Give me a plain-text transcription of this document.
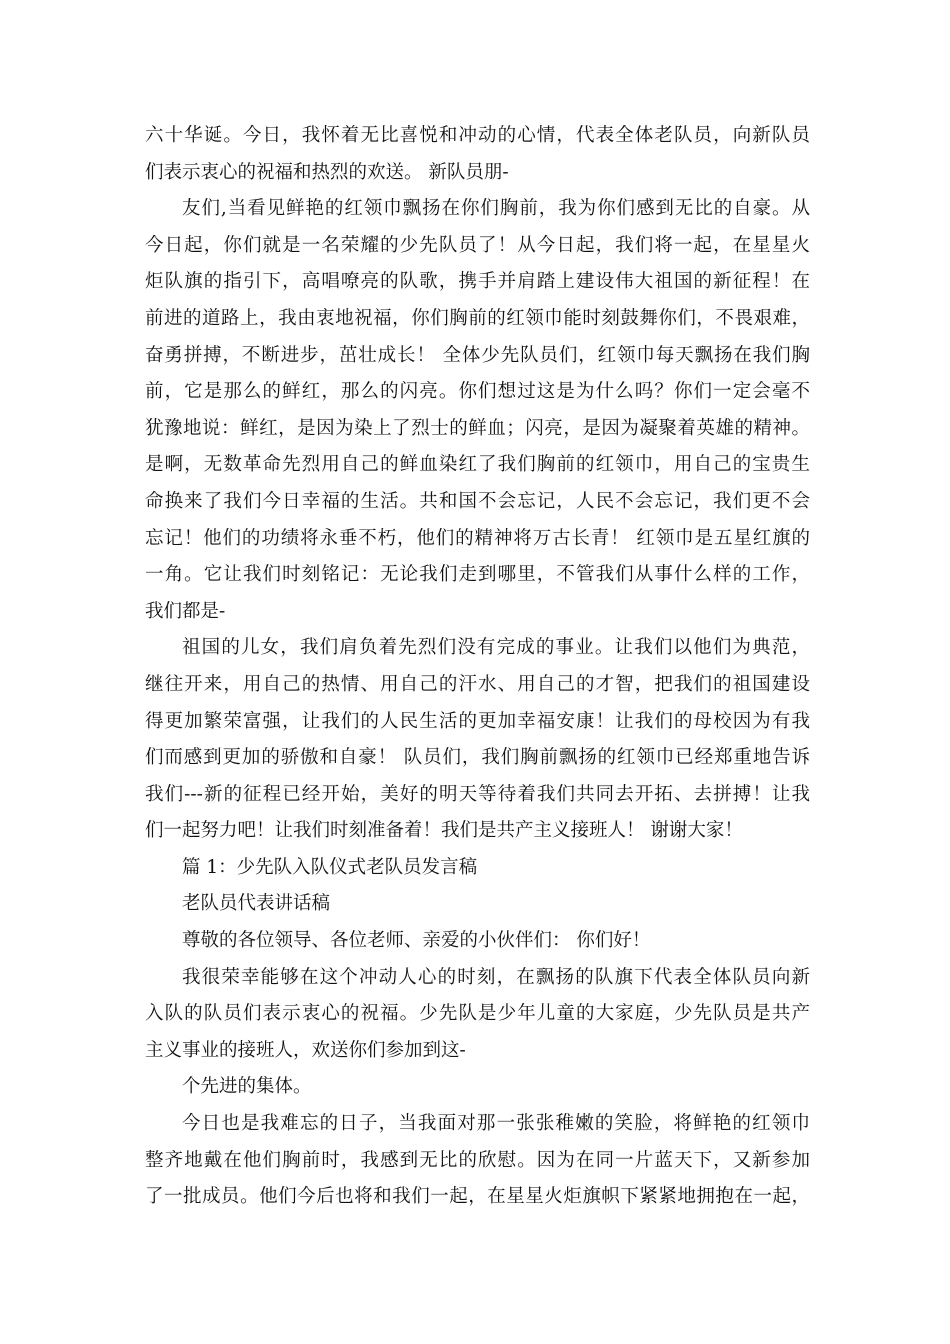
六十华诞。今日，我怀着无比喜悦和冲动的心情，代表全体老队员，向新队员
们表示衷心的祝福和热烈的欢送。 新队员朋-
友们,当看见鲜艳的红领巾飘扬在你们胸前，我为你们感到无比的自豪。从
今日起，你们就是一名荣耀的少先队员了！从今日起，我们将一起，在星星火
炬队旗的指引下，高唱嘹亮的队歌，携手并肩踏上建设伟大祖国的新征程！在
前进的道路上，我由衷地祝福，你们胸前的红领巾能时刻鼓舞你们，不畏艰难，
奋勇拼搏，不断进步，茁壮成长！ 全体少先队员们，红领巾每天飘扬在我们胸
前，它是那么的鲜红，那么的闪亮。你们想过这是为什么吗？你们一定会毫不
犹豫地说：鲜红，是因为染上了烈士的鲜血；闪亮，是因为凝聚着英雄的精神。
是啊，无数革命先烈用自己的鲜血染红了我们胸前的红领巾，用自己的宝贵生
命换来了我们今日幸福的生活。共和国不会忘记，人民不会忘记，我们更不会
忘记！他们的功绩将永垂不朽，他们的精神将万古长青！ 红领巾是五星红旗的
一角。它让我们时刻铭记：无论我们走到哪里，不管我们从事什么样的工作，
我们都是-
祖国的儿女，我们肩负着先烈们没有完成的事业。让我们以他们为典范，
继往开来，用自己的热情、用自己的汗水、用自己的才智，把我们的祖国建设
得更加繁荣富强，让我们的人民生活的更加幸福安康！让我们的母校因为有我
们而感到更加的骄傲和自豪！ 队员们，我们胸前飘扬的红领巾已经郑重地告诉
我们---新的征程已经开始，美好的明天等待着我们共同去开拓、去拼搏！让我
们一起努力吧！让我们时刻准备着！我们是共产主义接班人！ 谢谢大家！
篇 1：少先队入队仪式老队员发言稿
老队员代表讲话稿
尊敬的各位领导、各位老师、亲爱的小伙伴们： 你们好！
我很荣幸能够在这个冲动人心的时刻，在飘扬的队旗下代表全体队员向新
入队的队员们表示衷心的祝福。少先队是少年儿童的大家庭，少先队员是共产
主义事业的接班人，欢送你们参加到这-
个先进的集体。
今日也是我难忘的日子，当我面对那一张张稚嫩的笑脸，将鲜艳的红领巾
整齐地戴在他们胸前时，我感到无比的欣慰。因为在同一片蓝天下，又新参加
了一批成员。他们今后也将和我们一起，在星星火炬旗帜下紧紧地拥抱在一起，
